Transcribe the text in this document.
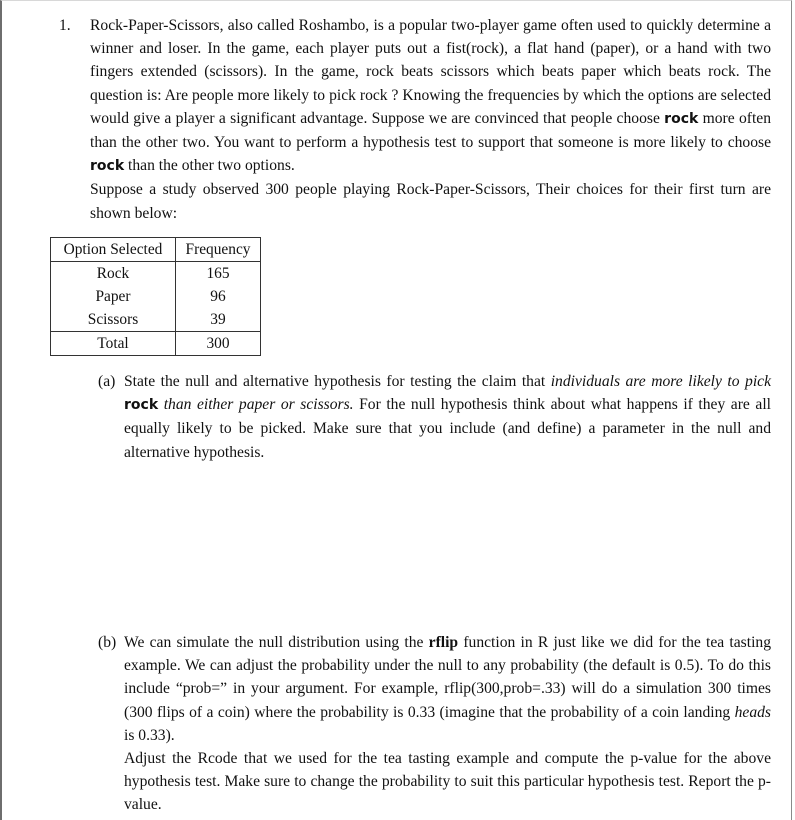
1. Rock-Paper-Scissors, also called Roshambo, is a popular two-player game often used to quickly determine a winner and loser. In the game, each player puts out a fist(rock), a flat hand (paper), or a hand with two fingers extended (scissors). In the game, rock beats scissors which beats paper which beats rock. The question is: Are people more likely to pick rock ? Knowing the frequencies by which the options are selected would give a player a significant advantage. Suppose we are convinced that people choose rock more often than the other two. You want to perform a hypothesis test to support that someone is more likely to choose rock than the other two options.
Suppose a study observed 300 people playing Rock-Paper-Scissors, Their choices for their first turn are shown below:
Option Selected	Frequency
Rock	165
Paper	96
Scissors	39
Total	300
(a) State the null and alternative hypothesis for testing the claim that individuals are more likely to pick rock than either paper or scissors. For the null hypothesis think about what happens if they are all equally likely to be picked. Make sure that you include (and define) a parameter in the null and alternative hypothesis.
(b) We can simulate the null distribution using the rflip function in R just like we did for the tea tasting example. We can adjust the probability under the null to any probability (the default is 0.5). To do this include “prob=” in your argument. For example, rflip(300,prob=.33) will do a simulation 300 times (300 flips of a coin) where the probability is 0.33 (imagine that the probability of a coin landing heads is 0.33).
Adjust the Rcode that we used for the tea tasting example and compute the p-value for the above hypothesis test. Make sure to change the probability to suit this particular hypothesis test. Report the p-value.
